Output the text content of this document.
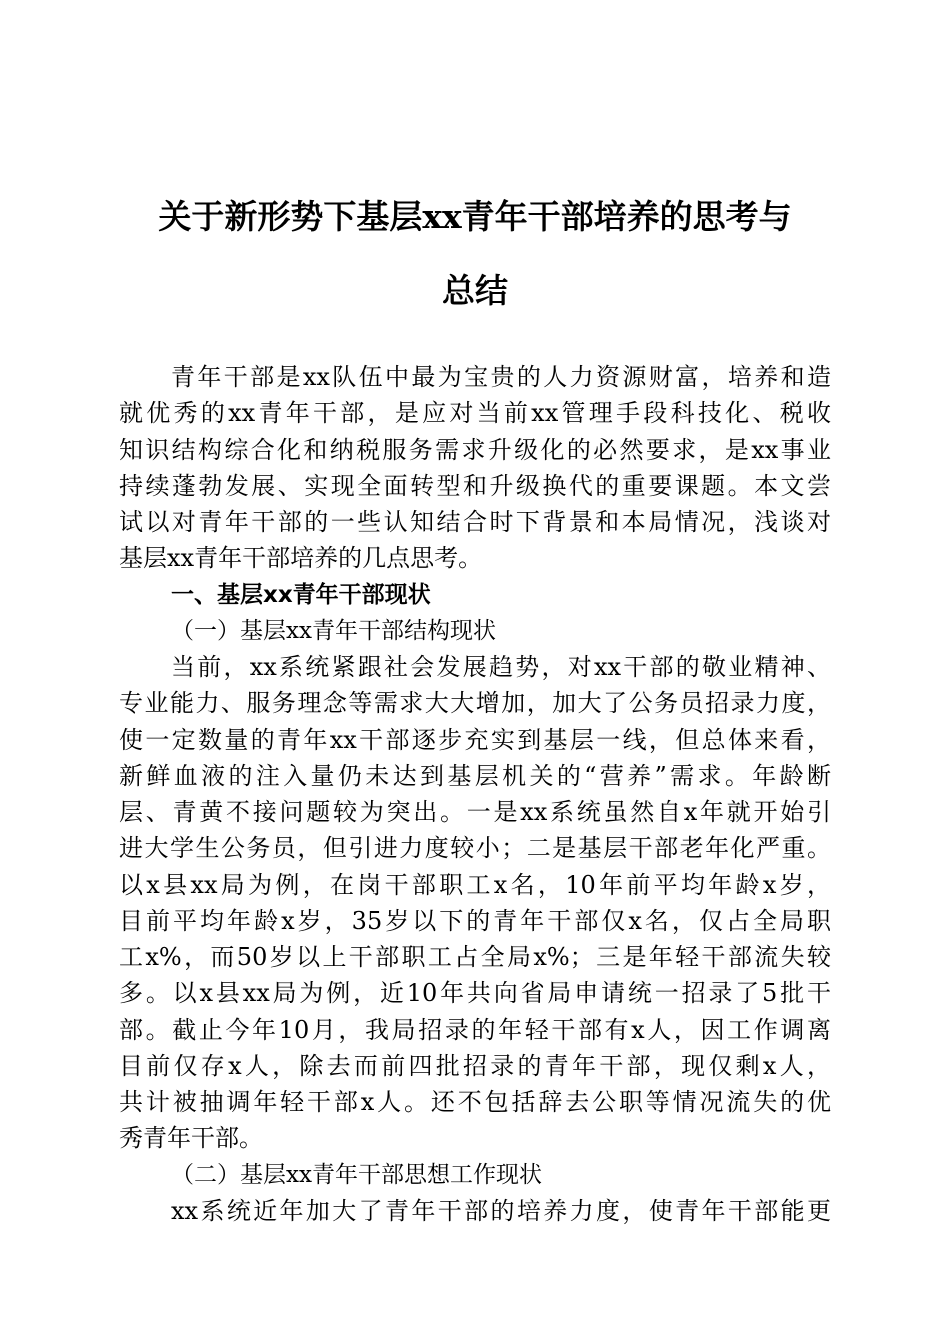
关于新形势下基层xx青年干部培养的思考与
总结
青年干部是xx队伍中最为宝贵的人力资源财富，培养和造
就优秀的xx青年干部，是应对当前xx管理手段科技化、税收
知识结构综合化和纳税服务需求升级化的必然要求，是xx事业
持续蓬勃发展、实现全面转型和升级换代的重要课题。本文尝
试以对青年干部的一些认知结合时下背景和本局情况，浅谈对
基层xx青年干部培养的几点思考。
一、基层xx青年干部现状
（一）基层xx青年干部结构现状
当前，xx系统紧跟社会发展趋势，对xx干部的敬业精神、
专业能力、服务理念等需求大大增加，加大了公务员招录力度，
使一定数量的青年xx干部逐步充实到基层一线，但总体来看，
新鲜血液的注入量仍未达到基层机关的“营养”需求。年龄断
层、青黄不接问题较为突出。一是xx系统虽然自x年就开始引
进大学生公务员，但引进力度较小；二是基层干部老年化严重。
以x县xx局为例，在岗干部职工x名，10年前平均年龄x岁，
目前平均年龄x岁，35岁以下的青年干部仅x名，仅占全局职
工x%，而50岁以上干部职工占全局x%；三是年轻干部流失较
多。以x县xx局为例，近10年共向省局申请统一招录了5批干
部。截止今年10月，我局招录的年轻干部有x人，因工作调离
目前仅存x人，除去而前四批招录的青年干部，现仅剩x人，
共计被抽调年轻干部x人。还不包括辞去公职等情况流失的优
秀青年干部。
（二）基层xx青年干部思想工作现状
xx系统近年加大了青年干部的培养力度，使青年干部能更
